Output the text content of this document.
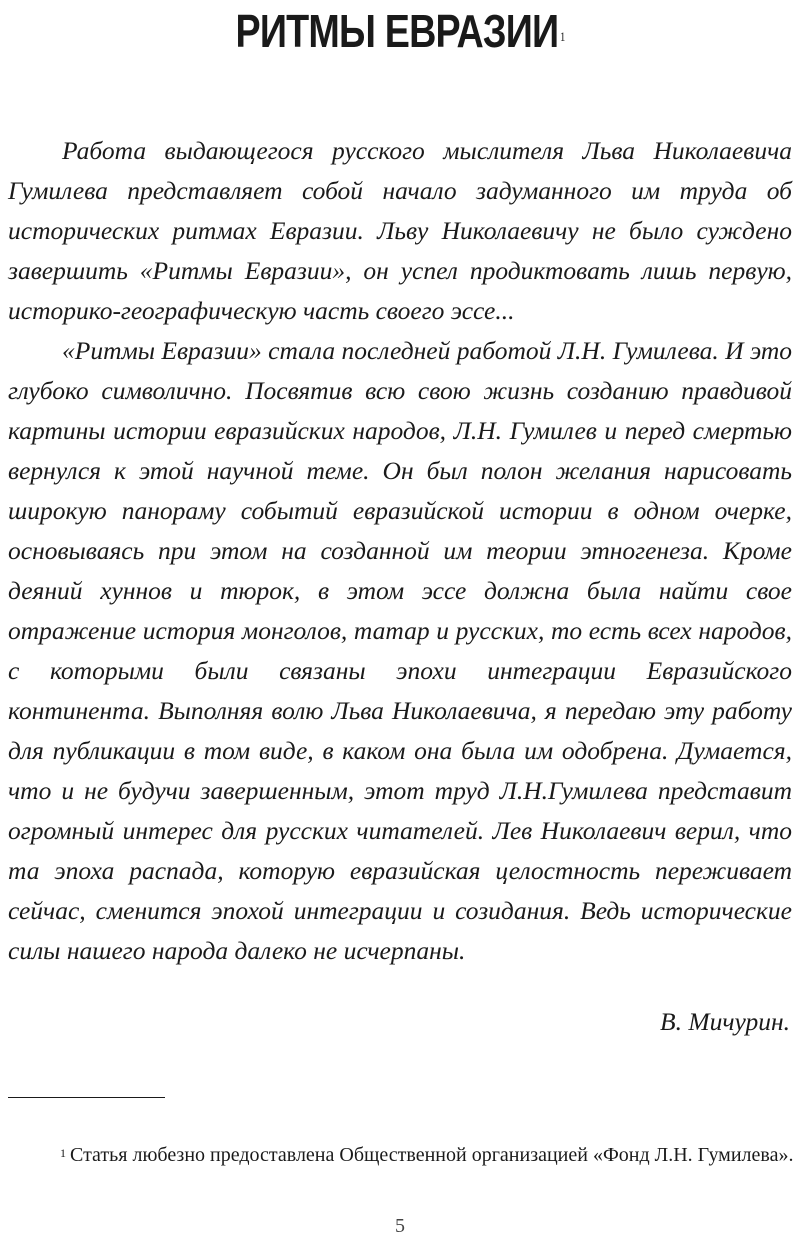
РИТМЫ ЕВРАЗИИ $^1$

Работа выдающегося русского мыслителя Льва Николаевича Гумилева представляет собой начало задуманного им труда об исторических ритмах Евразии. Льву Николаевичу не было суждено завершить «Ритмы Евразии», он успел продиктовать лишь первую, историко-географическую часть своего эссе...

«Ритмы Евразии» стала последней работой Л.Н. Гумилева. И это глубоко символично. Посвятив всю свою жизнь созданию правдивой картины истории евразийских народов, Л.Н. Гумилев и перед смертью вернулся к этой научной теме. Он был полон желания нарисовать широкую панораму событий евразийской истории в одном очерке, основываясь при этом на созданной им теории этногенеза. Кроме деяний хуннов и тюрок, в этом эссе должна была найти свое отражение история монголов, татар и русских, то есть всех народов, с которыми были связаны эпохи интеграции Евразийского континента. Выполняя волю Льва Николаевича, я передаю эту работу для публикации в том виде, в каком она была им одобрена. Думается, что и не будучи завершенным, этот труд Л.Н.Гумилева представит огромный интерес для русских читателей. Лев Николаевич верил, что та эпоха распада, которую евразийская целостность переживает сейчас, сменится эпохой интеграции и созидания. Ведь исторические силы нашего народа далеко не исчерпаны.

В. Мичурин.
$^1$ Статья любезно предоставлена Общественной организацией «Фонд Л.Н. Гумилева».
5
